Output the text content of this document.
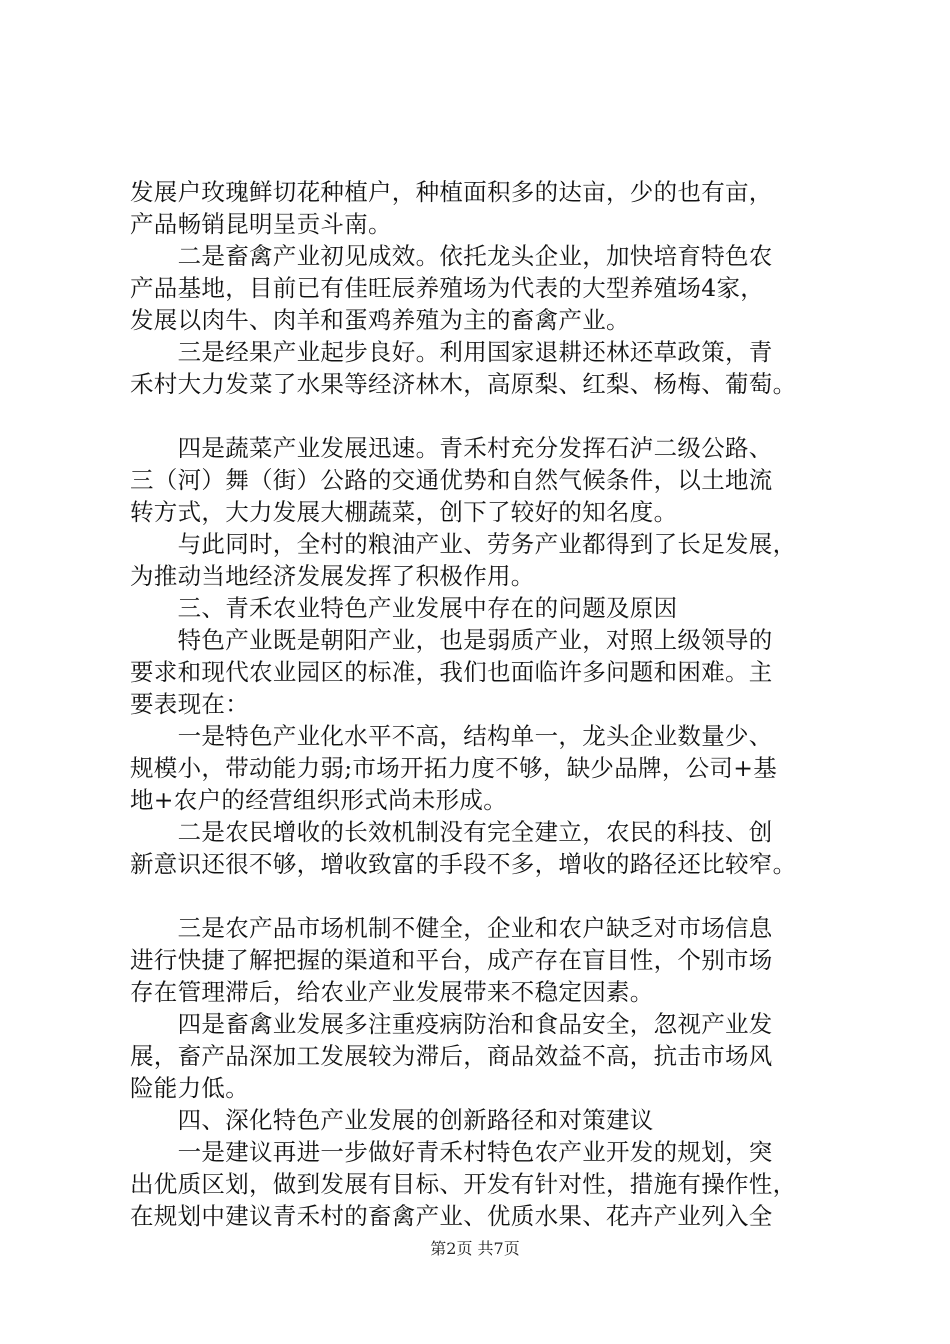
发展户玫瑰鲜切花种植户，种植面积多的达亩，少的也有亩，
产品畅销昆明呈贡斗南。
　　二是畜禽产业初见成效。依托龙头企业，加快培育特色农
产品基地，目前已有佳旺辰养殖场为代表的大型养殖场4家，
发展以肉牛、肉羊和蛋鸡养殖为主的畜禽产业。
　　三是经果产业起步良好。利用国家退耕还林还草政策，青
禾村大力发菜了水果等经济林木，高原梨、红梨、杨梅、葡萄。
　　四是蔬菜产业发展迅速。青禾村充分发挥石泸二级公路、
三（河）舞（街）公路的交通优势和自然气候条件，以土地流
转方式，大力发展大棚蔬菜，创下了较好的知名度。
　　与此同时，全村的粮油产业、劳务产业都得到了长足发展，
为推动当地经济发展发挥了积极作用。
　　三、青禾农业特色产业发展中存在的问题及原因
　　特色产业既是朝阳产业，也是弱质产业，对照上级领导的
要求和现代农业园区的标准，我们也面临许多问题和困难。主
要表现在：
　　一是特色产业化水平不高，结构单一，龙头企业数量少、
规模小，带动能力弱;市场开拓力度不够，缺少品牌，公司+基
地+农户的经营组织形式尚未形成。
　　二是农民增收的长效机制没有完全建立，农民的科技、创
新意识还很不够，增收致富的手段不多，增收的路径还比较窄。
　　三是农产品市场机制不健全，企业和农户缺乏对市场信息
进行快捷了解把握的渠道和平台，成产存在盲目性，个别市场
存在管理滞后，给农业产业发展带来不稳定因素。
　　四是畜禽业发展多注重疫病防治和食品安全，忽视产业发
展，畜产品深加工发展较为滞后，商品效益不高，抗击市场风
险能力低。
　　四、深化特色产业发展的创新路径和对策建议
　　一是建议再进一步做好青禾村特色农产业开发的规划，突
出优质区划，做到发展有目标、开发有针对性，措施有操作性，
在规划中建议青禾村的畜禽产业、优质水果、花卉产业列入全
第2页 共7页
